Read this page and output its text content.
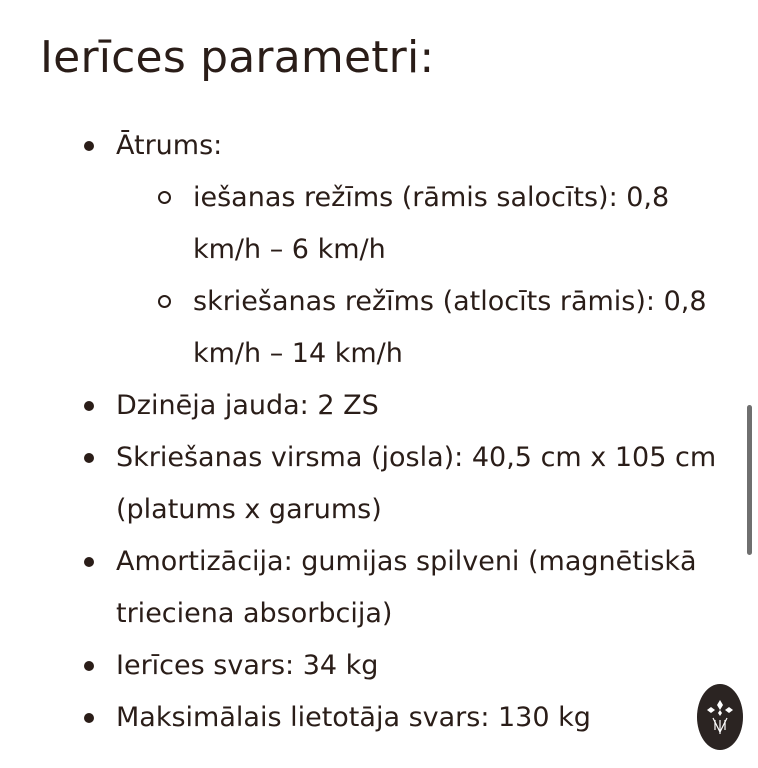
Ierīces parametri:
Ātrums:
iešanas režīms (rāmis salocīts): 0,8 km/h – 6 km/h
skriešanas režīms (atlocīts rāmis): 0,8 km/h – 14 km/h
Dzinēja jauda: 2 ZS
Skriešanas virsma (josla): 40,5 cm x 105 cm (platums x garums)
Amortizācija: gumijas spilveni (magnētiskā trieciena absorbcija)
Ierīces svars: 34 kg
Maksimālais lietotāja svars: 130 kg
